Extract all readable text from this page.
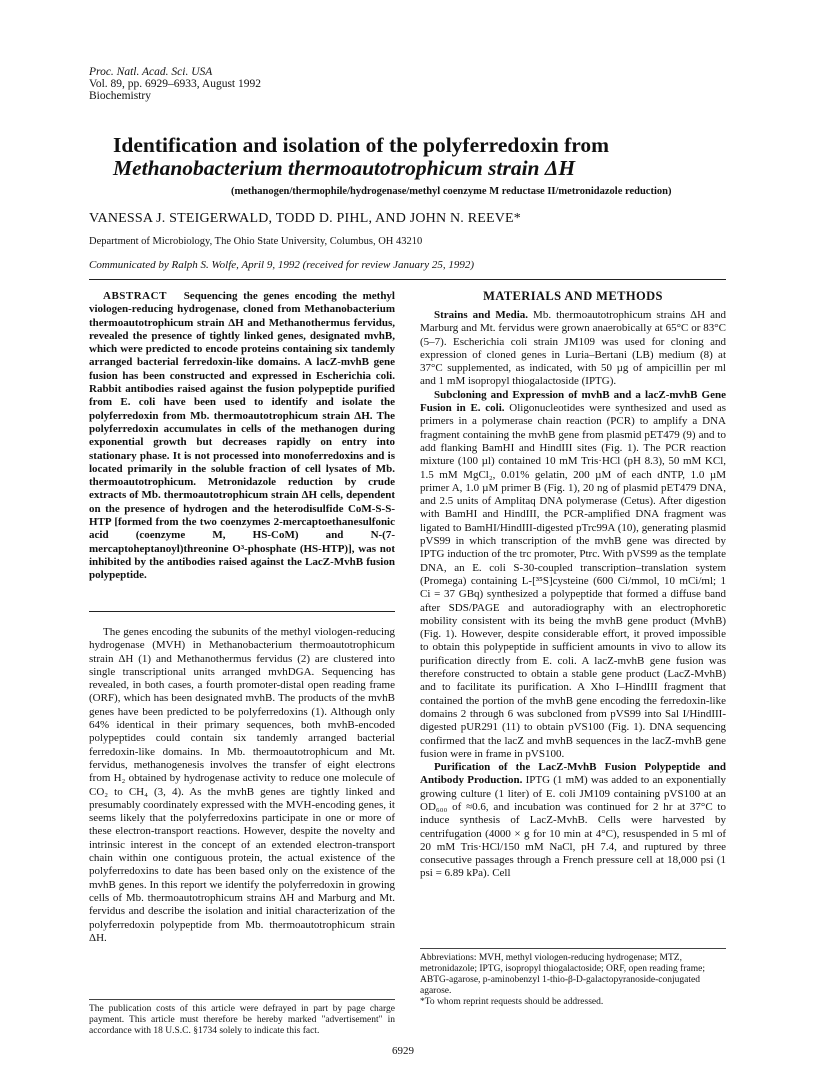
Proc. Natl. Acad. Sci. USA
Vol. 89, pp. 6929–6933, August 1992
Biochemistry
Identification and isolation of the polyferredoxin from
Methanobacterium thermoautotrophicum strain ΔH
(methanogen/thermophile/hydrogenase/methyl coenzyme M reductase II/metronidazole reduction)
VANESSA J. STEIGERWALD, TODD D. PIHL, AND JOHN N. REEVE*
Department of Microbiology, The Ohio State University, Columbus, OH 43210
Communicated by Ralph S. Wolfe, April 9, 1992 (received for review January 25, 1992)

ABSTRACT Sequencing the genes encoding the methyl viologen-reducing hydrogenase, cloned from Methanobacterium thermoautotrophicum strain ΔH and Methanothermus fervidus, revealed the presence of tightly linked genes, designated mvhB, which were predicted to encode proteins containing six tandemly arranged bacterial ferredoxin-like domains. A lacZ-mvhB gene fusion has been constructed and expressed in Escherichia coli. Rabbit antibodies raised against the fusion polypeptide purified from E. coli have been used to identify and isolate the polyferredoxin from Mb. thermoautotrophicum strain ΔH. The polyferredoxin accumulates in cells of the methanogen during exponential growth but decreases rapidly on entry into stationary phase. It is not processed into monoferredoxins and is located primarily in the soluble fraction of cell lysates of Mb. thermoautotrophicum. Metronidazole reduction by crude extracts of Mb. thermoautotrophicum strain ΔH cells, dependent on the presence of hydrogen and the heterodisulfide CoM-S-S-HTP [formed from the two coenzymes 2-mercaptoethanesulfonic acid (coenzyme M, HS-CoM) and N-(7-mercaptoheptanoyl)threonine O³-phosphate (HS-HTP)], was not inhibited by the antibodies raised against the LacZ-MvhB fusion polypeptide.

The genes encoding the subunits of the methyl viologen-reducing hydrogenase (MVH) in Methanobacterium thermoautotrophicum strain ΔH (1) and Methanothermus fervidus (2) are clustered into single transcriptional units arranged mvhDGA. Sequencing has revealed, in both cases, a fourth promoter-distal open reading frame (ORF), which has been designated mvhB. The products of the mvhB genes have been predicted to be polyferredoxins (1). Although only 64% identical in their primary sequences, both mvhB-encoded polypeptides could contain six tandemly arranged bacterial ferredoxin-like domains. In Mb. thermoautotrophicum and Mt. fervidus, methanogenesis involves the transfer of eight electrons from H₂ obtained by hydrogenase activity to reduce one molecule of CO₂ to CH₄ (3, 4). As the mvhB genes are tightly linked and presumably coordinately expressed with the MVH-encoding genes, it seems likely that the polyferredoxins participate in one or more of these electron-transport reactions. However, despite the novelty and intrinsic interest in the concept of an extended electron-transport chain within one contiguous protein, the actual existence of the polyferredoxins to date has been based only on the existence of the mvhB genes. In this report we identify the polyferredoxin in growing cells of Mb. thermoautotrophicum strains ΔH and Marburg and Mt. fervidus and describe the isolation and initial characterization of the polyferredoxin polypeptide from Mb. thermoautotrophicum strain ΔH.

The publication costs of this article were defrayed in part by page charge payment. This article must therefore be hereby marked "advertisement" in accordance with 18 U.S.C. §1734 solely to indicate this fact.
MATERIALS AND METHODS

Strains and Media. Mb. thermoautotrophicum strains ΔH and Marburg and Mt. fervidus were grown anaerobically at 65°C or 83°C (5–7). Escherichia coli strain JM109 was used for cloning and expression of cloned genes in Luria–Bertani (LB) medium (8) at 37°C supplemented, as indicated, with 50 µg of ampicillin per ml and 1 mM isopropyl thiogalactoside (IPTG).

Subcloning and Expression of mvhB and a lacZ-mvhB Gene Fusion in E. coli. Oligonucleotides were synthesized and used as primers in a polymerase chain reaction (PCR) to amplify a DNA fragment containing the mvhB gene from plasmid pET479 (9) and to add flanking BamHI and HindIII sites (Fig. 1). The PCR reaction mixture (100 µl) contained 10 mM Tris·HCl (pH 8.3), 50 mM KCl, 1.5 mM MgCl₂, 0.01% gelatin, 200 µM of each dNTP, 1.0 µM primer A, 1.0 µM primer B (Fig. 1), 20 ng of plasmid pET479 DNA, and 2.5 units of Amplitaq DNA polymerase (Cetus). After digestion with BamHI and HindIII, the PCR-amplified DNA fragment was ligated to BamHI/HindIII-digested pTrc99A (10), generating plasmid pVS99 in which transcription of the mvhB gene was directed by IPTG induction of the trc promoter, Ptrc. With pVS99 as the template DNA, an E. coli S-30-coupled transcription–translation system (Promega) containing L-[³⁵S]cysteine (600 Ci/mmol, 10 mCi/ml; 1 Ci = 37 GBq) synthesized a polypeptide that formed a diffuse band after SDS/PAGE and autoradiography with an electrophoretic mobility consistent with its being the mvhB gene product (MvhB) (Fig. 1). However, despite considerable effort, it proved impossible to obtain this polypeptide in sufficient amounts in vivo to allow its purification directly from E. coli. A lacZ-mvhB gene fusion was therefore constructed to obtain a stable gene product (LacZ-MvhB) and to facilitate its purification. A Xho I–HindIII fragment that contained the portion of the mvhB gene encoding the ferredoxin-like domains 2 through 6 was subcloned from pVS99 into Sal I/HindIII-digested pUR291 (11) to obtain pVS100 (Fig. 1). DNA sequencing confirmed that the lacZ and mvhB sequences in the lacZ-mvhB gene fusion were in frame in pVS100.

Purification of the LacZ-MvhB Fusion Polypeptide and Antibody Production. IPTG (1 mM) was added to an exponentially growing culture (1 liter) of E. coli JM109 containing pVS100 at an OD₆₀₀ of ≈0.6, and incubation was continued for 2 hr at 37°C to induce synthesis of LacZ-MvhB. Cells were harvested by centrifugation (4000 × g for 10 min at 4°C), resuspended in 5 ml of 20 mM Tris·HCl/150 mM NaCl, pH 7.4, and ruptured by three consecutive passages through a French pressure cell at 18,000 psi (1 psi = 6.89 kPa). Cell

Abbreviations: MVH, methyl viologen-reducing hydrogenase; MTZ, metronidazole; IPTG, isopropyl thiogalactoside; ORF, open reading frame; ABTG-agarose, p-aminobenzyl 1-thio-β-D-galactopyranoside-conjugated agarose.
*To whom reprint requests should be addressed.
6929
